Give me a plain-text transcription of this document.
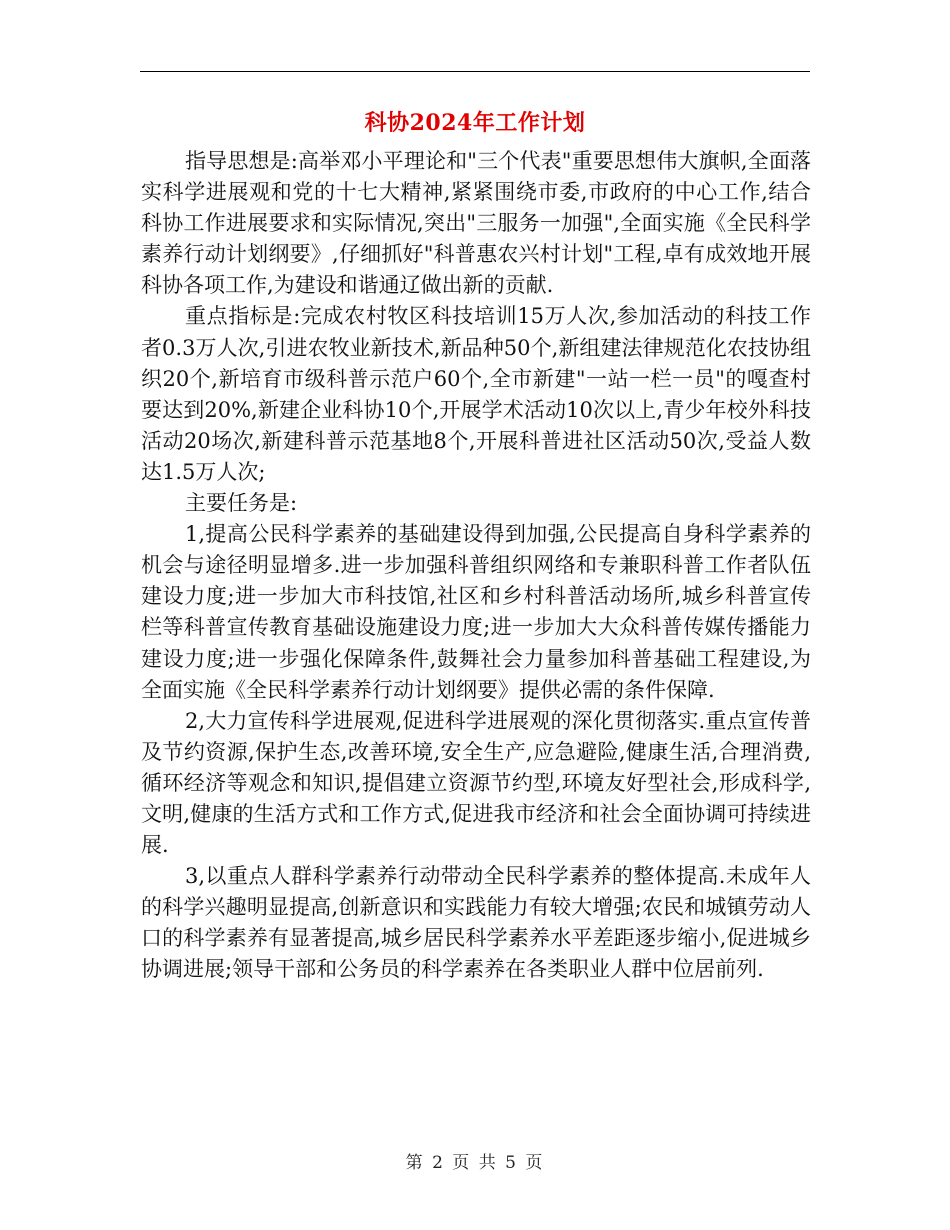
科协2024年工作计划

指导思想是:高举邓小平理论和"三个代表"重要思想伟大旗帜,全面落实科学进展观和党的十七大精神,紧紧围绕市委,市政府的中心工作,结合科协工作进展要求和实际情况,突出"三服务一加强",全面实施《全民科学素养行动计划纲要》,仔细抓好"科普惠农兴村计划"工程,卓有成效地开展科协各项工作,为建设和谐通辽做出新的贡献.

重点指标是:完成农村牧区科技培训15万人次,参加活动的科技工作者0.3万人次,引进农牧业新技术,新品种50个,新组建法律规范化农技协组织20个,新培育市级科普示范户60个,全市新建"一站一栏一员"的嘎查村要达到20%,新建企业科协10个,开展学术活动10次以上,青少年校外科技活动20场次,新建科普示范基地8个,开展科普进社区活动50次,受益人数达1.5万人次;

主要任务是:

1,提高公民科学素养的基础建设得到加强,公民提高自身科学素养的机会与途径明显增多.进一步加强科普组织网络和专兼职科普工作者队伍建设力度;进一步加大市科技馆,社区和乡村科普活动场所,城乡科普宣传栏等科普宣传教育基础设施建设力度;进一步加大大众科普传媒传播能力建设力度;进一步强化保障条件,鼓舞社会力量参加科普基础工程建设,为全面实施《全民科学素养行动计划纲要》提供必需的条件保障.

2,大力宣传科学进展观,促进科学进展观的深化贯彻落实.重点宣传普及节约资源,保护生态,改善环境,安全生产,应急避险,健康生活,合理消费,循环经济等观念和知识,提倡建立资源节约型,环境友好型社会,形成科学,文明,健康的生活方式和工作方式,促进我市经济和社会全面协调可持续进展.

3,以重点人群科学素养行动带动全民科学素养的整体提高.未成年人的科学兴趣明显提高,创新意识和实践能力有较大增强;农民和城镇劳动人口的科学素养有显著提高,城乡居民科学素养水平差距逐步缩小,促进城乡协调进展;领导干部和公务员的科学素养在各类职业人群中位居前列.

第 2 页 共 5 页
